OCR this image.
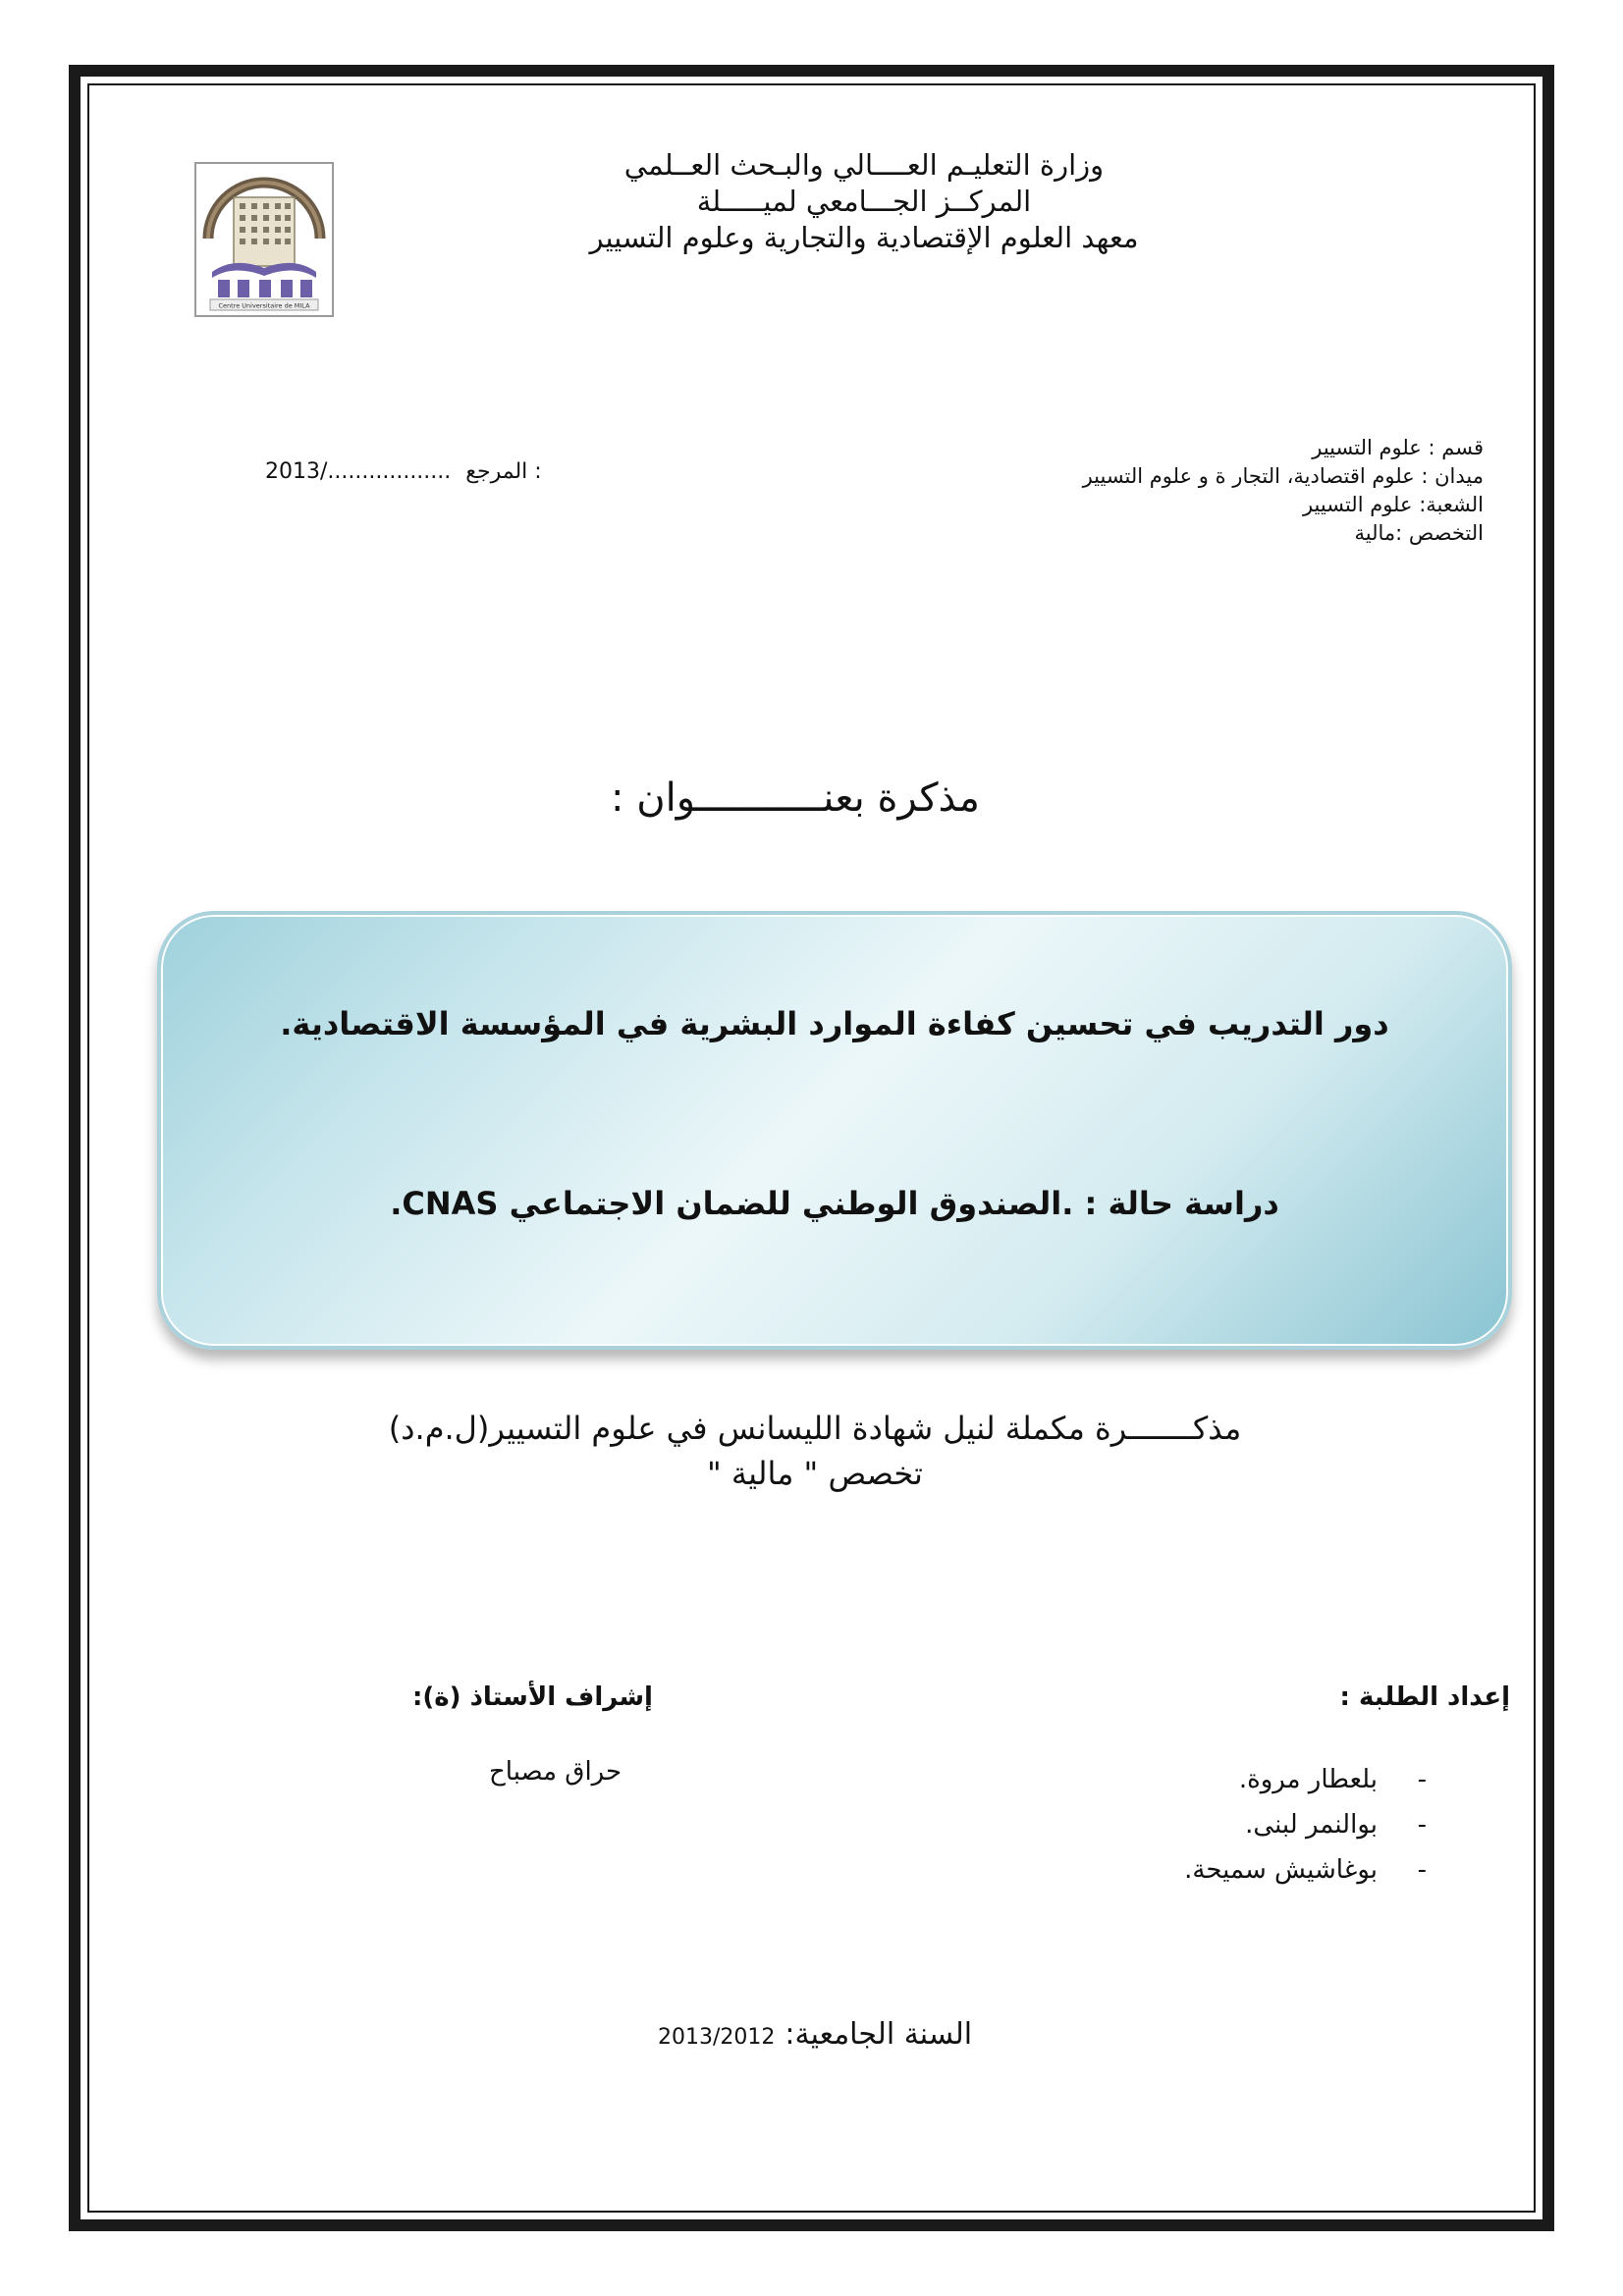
Centre Universitaire de MILA
وزارة التعليـم العــــالي والبـحث العــلمي
المركــز الجـــامعي لميـــــلة
معهد العلوم الإقتصادية والتجارية وعلوم التسيير
قسم : علوم التسيير
ميدان : علوم اقتصادية، التجار ة و علوم التسيير
الشعبة: علوم التسيير
التخصص :مالية
2013/.................. المرجع :
مذكرة بعنـــــــــــوان :
دور التدريب في تحسين كفاءة الموارد البشرية في المؤسسة الاقتصادية.
دراسة حالة : .الصندوق الوطني للضمان الاجتماعي CNAS.
مذكـــــــرة مكملة لنيل شهادة الليسانس في علوم التسيير(ل.م.د)
تخصص " مالية "
إعداد الطلبة :
إشراف الأستاذ (ة):
-بلعطار مروة.
-بوالنمر لبنى.
-بوغاشيش سميحة.
حراق مصباح
السنة الجامعية:2013/2012
